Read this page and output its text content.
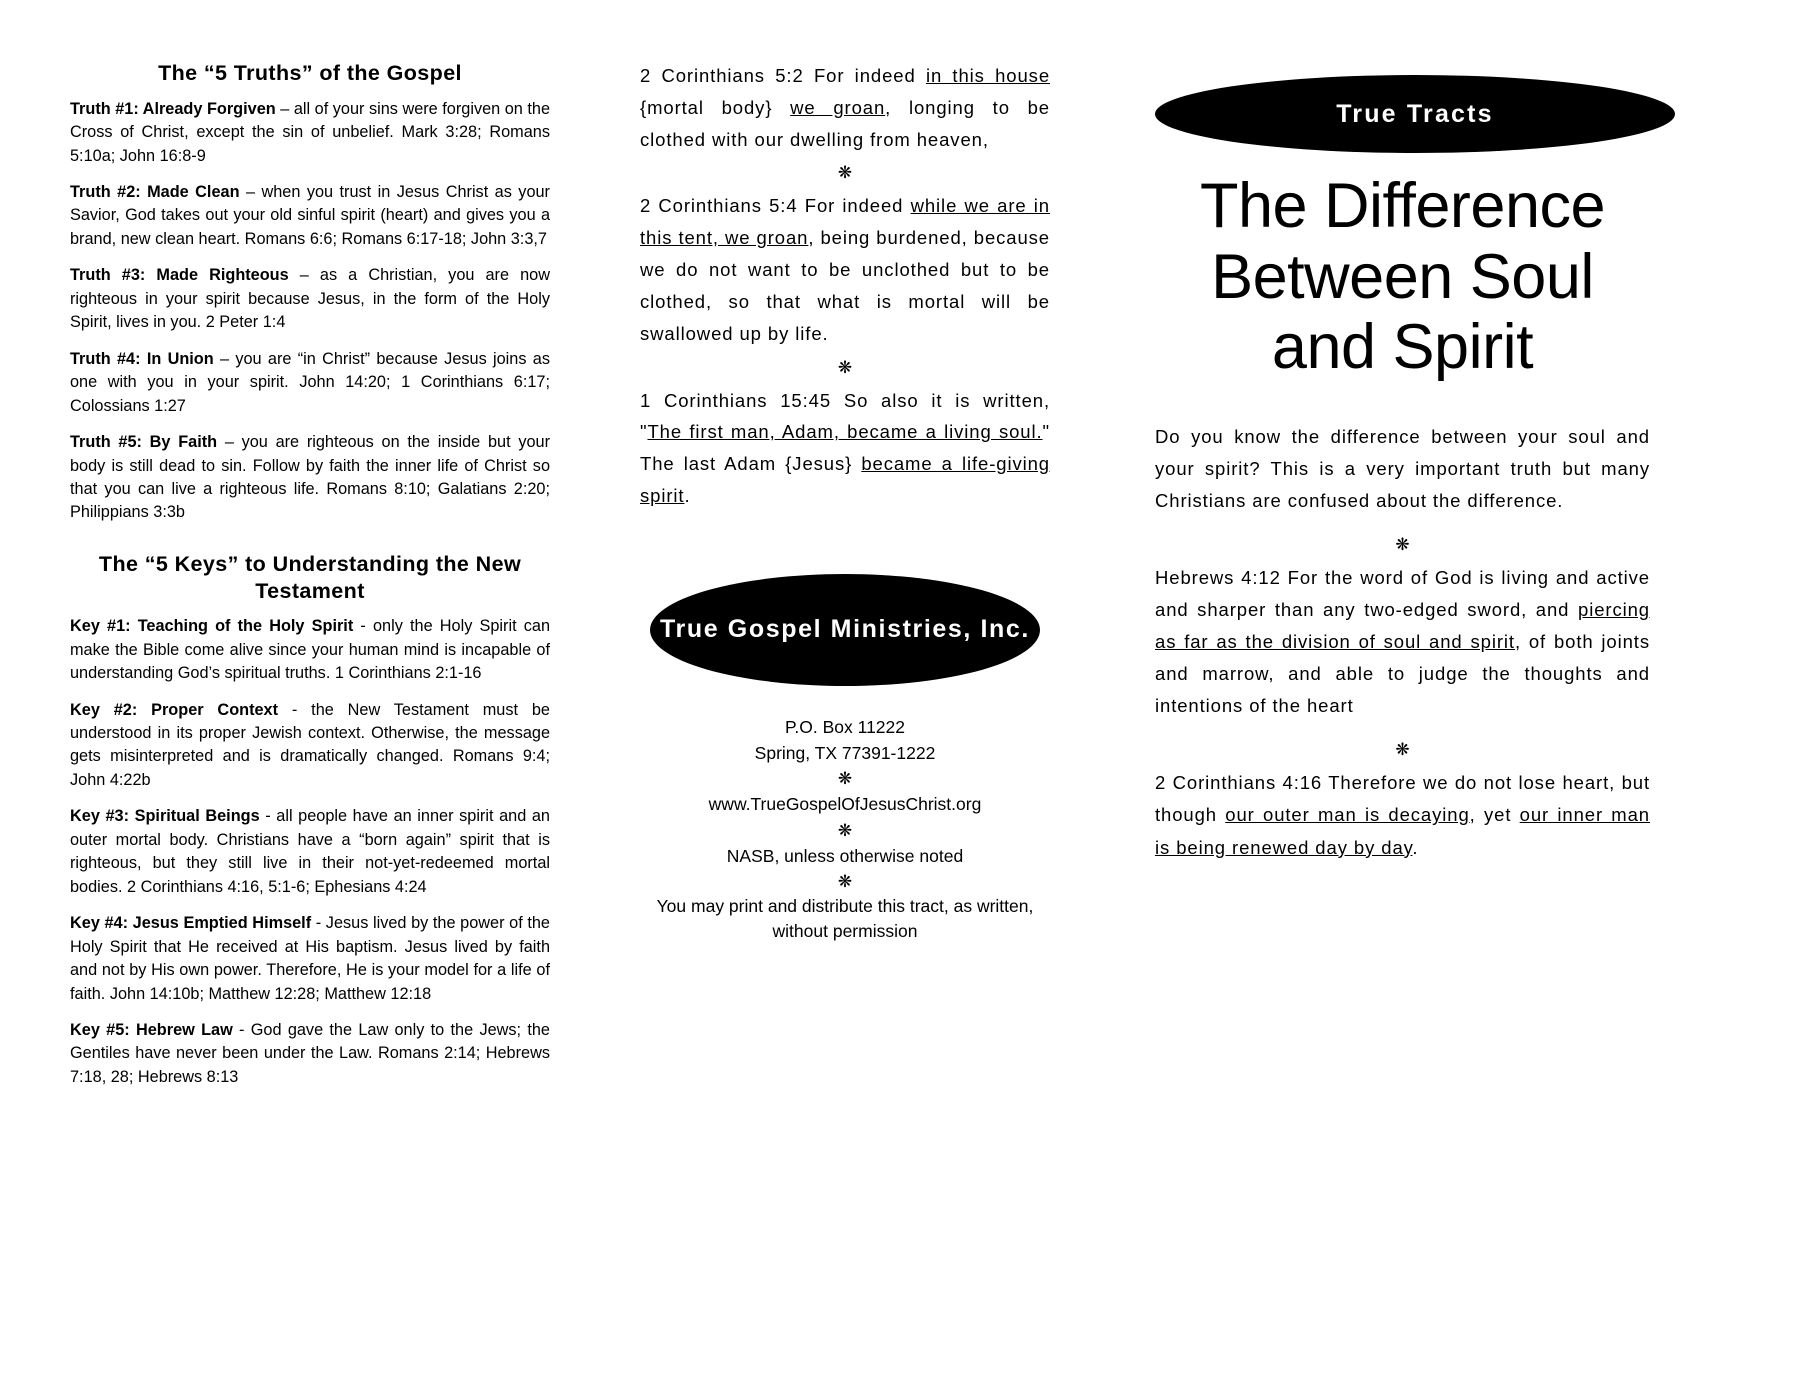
The “5 Truths” of the Gospel

Truth #1: Already Forgiven – all of your sins were forgiven on the Cross of Christ, except the sin of unbelief. Mark 3:28; Romans 5:10a; John 16:8-9

Truth #2: Made Clean – when you trust in Jesus Christ as your Savior, God takes out your old sinful spirit (heart) and gives you a brand, new clean heart. Romans 6:6; Romans 6:17-18; John 3:3,7

Truth #3: Made Righteous – as a Christian, you are now righteous in your spirit because Jesus, in the form of the Holy Spirit, lives in you. 2 Peter 1:4

Truth #4: In Union – you are “in Christ” because Jesus joins as one with you in your spirit. John 14:20; 1 Corinthians 6:17; Colossians 1:27

Truth #5: By Faith – you are righteous on the inside but your body is still dead to sin. Follow by faith the inner life of Christ so that you can live a righteous life. Romans 8:10; Galatians 2:20; Philippians 3:3b

The “5 Keys” to Understanding the New Testament

Key #1: Teaching of the Holy Spirit - only the Holy Spirit can make the Bible come alive since your human mind is incapable of understanding God’s spiritual truths. 1 Corinthians 2:1-16

Key #2: Proper Context - the New Testament must be understood in its proper Jewish context. Otherwise, the message gets misinterpreted and is dramatically changed. Romans 9:4; John 4:22b

Key #3: Spiritual Beings - all people have an inner spirit and an outer mortal body. Christians have a “born again” spirit that is righteous, but they still live in their not-yet-redeemed mortal bodies. 2 Corinthians 4:16, 5:1-6; Ephesians 4:24

Key #4: Jesus Emptied Himself - Jesus lived by the power of the Holy Spirit that He received at His baptism. Jesus lived by faith and not by His own power. Therefore, He is your model for a life of faith. John 14:10b; Matthew 12:28; Matthew 12:18

Key #5: Hebrew Law - God gave the Law only to the Jews; the Gentiles have never been under the Law. Romans 2:14; Hebrews 7:18, 28; Hebrews 8:13

2 Corinthians 5:2 For indeed in this house {mortal body} we groan, longing to be clothed with our dwelling from heaven,

❋

2 Corinthians 5:4 For indeed while we are in this tent, we groan, being burdened, because we do not want to be unclothed but to be clothed, so that what is mortal will be swallowed up by life.

❋

1 Corinthians 15:45 So also it is written, "The first man, Adam, became a living soul." The last Adam {Jesus} became a life-giving spirit.

True Gospel Ministries, Inc.

P.O. Box 11222

Spring, TX 77391-1222

❋

www.TrueGospelOfJesusChrist.org

❋

NASB, unless otherwise noted

❋

You may print and distribute this tract, as written, without permission

True Tracts
The Difference Between Soul and Spirit

Do you know the difference between your soul and your spirit? This is a very important truth but many Christians are confused about the difference.

❋

Hebrews 4:12 For the word of God is living and active and sharper than any two-edged sword, and piercing as far as the division of soul and spirit, of both joints and marrow, and able to judge the thoughts and intentions of the heart

❋

2 Corinthians 4:16 Therefore we do not lose heart, but though our outer man is decaying, yet our inner man is being renewed day by day.
